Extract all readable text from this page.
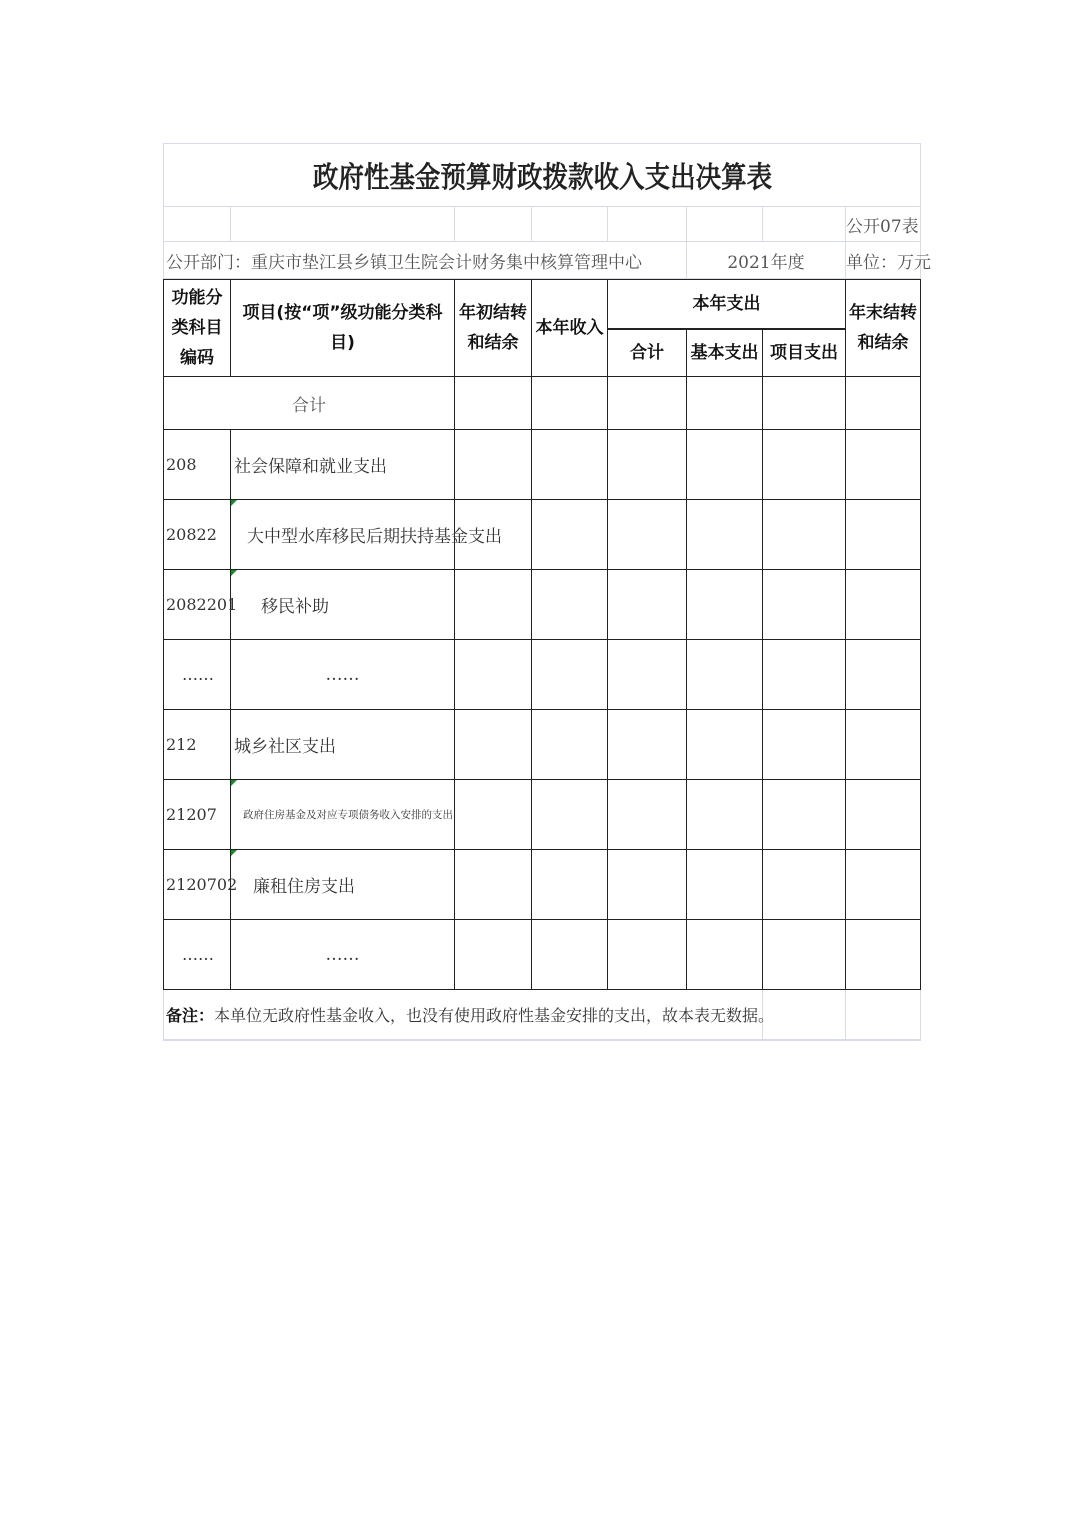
政府性基金预算财政拨款收入支出决算表							
							公开07表
公开部门：重庆市垫江县乡镇卫生院会计财务集中核算管理中心					2021年度		单位：万元
功能分类科目编码	项目(按“项”级功能分类科目)	年初结转和结余	本年收入	本年支出			年末结转和结余
				合计	基本支出	项目支出	
合计							
208	社会保障和就业支出						
20822	大中型水库移民后期扶持基金支出						
2082201	移民补助						
……	……						
212	城乡社区支出						
21207	政府住房基金及对应专项债务收入安排的支出						
2120702	廉租住房支出						
……	……						
备注：本单位无政府性基金收入，也没有使用政府性基金安排的支出，故本表无数据。		
